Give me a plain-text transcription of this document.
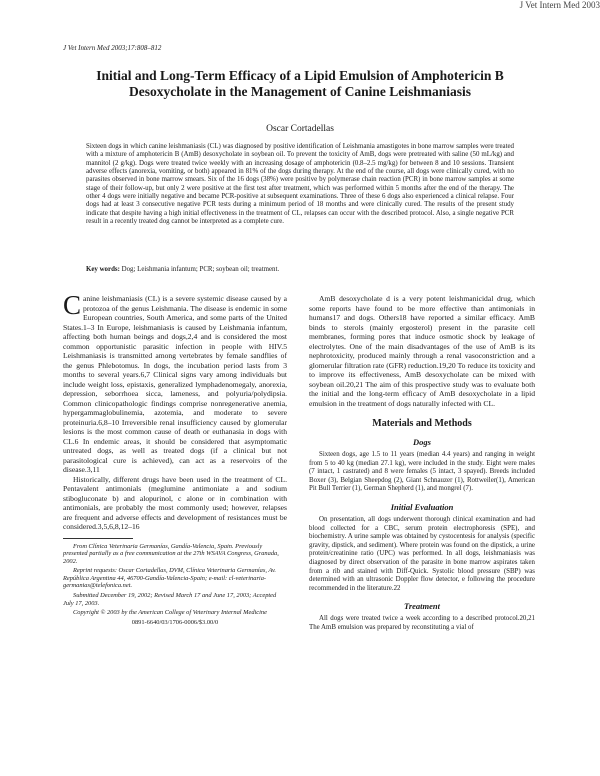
J Vet Intern Med 2003
J Vet Intern Med 2003;17:808–812
Initial and Long-Term Efficacy of a Lipid Emulsion of Amphotericin B Desoxycholate in the Management of Canine Leishmaniasis
Oscar Cortadellas

Sixteen dogs in which canine leishmaniasis (CL) was diagnosed by positive identification of Leishmania amastigotes in bone marrow samples were treated with a mixture of amphotericin B (AmB) desoxycholate in soybean oil. To prevent the toxicity of AmB, dogs were pretreated with saline (50 mL/kg) and mannitol (2 g/kg). Dogs were treated twice weekly with an increasing dosage of amphotericin (0.8–2.5 mg/kg) for between 8 and 10 sessions. Transient adverse effects (anorexia, vomiting, or both) appeared in 81% of the dogs during therapy. At the end of the course, all dogs were clinically cured, with no parasites observed in bone marrow smears. Six of the 16 dogs (38%) were positive by polymerase chain reaction (PCR) in bone marrow samples at some stage of their follow-up, but only 2 were positive at the first test after treatment, which was performed within 5 months after the end of the therapy. The other 4 dogs were initially negative and became PCR-positive at subsequent examinations. Three of these 6 dogs also experienced a clinical relapse. Four dogs had at least 3 consecutive negative PCR tests during a minimum period of 18 months and were clinically cured. The results of the present study indicate that despite having a high initial effectiveness in the treatment of CL, relapses can occur with the described protocol. Also, a single negative PCR result in a recently treated dog cannot be interpreted as a complete cure.

Key words: Dog; Leishmania infantum; PCR; soybean oil; treatment.

Canine leishmaniasis (CL) is a severe systemic disease caused by a protozoa of the genus Leishmania. The disease is endemic in some European countries, South America, and some parts of the United States.1–3 In Europe, leishmaniasis is caused by Leishmania infantum, affecting both human beings and dogs,2,4 and is considered the most common opportunistic parasitic infection in people with HIV.5 Leishmaniasis is transmitted among vertebrates by female sandflies of the genus Phlebotomus. In dogs, the incubation period lasts from 3 months to several years.6,7 Clinical signs vary among individuals but include weight loss, epistaxis, generalized lymphadenomegaly, anorexia, depression, seborrhoea sicca, lameness, and polyuria/polydipsia. Common clinicopathologic findings comprise nonregenerative anemia, hypergammaglobulinemia, azotemia, and moderate to severe proteinuria.6,8–10 Irreversible renal insufficiency caused by glomerular lesions is the most common cause of death or euthanasia in dogs with CL.6 In endemic areas, it should be considered that asymptomatic untreated dogs, as well as treated dogs (if a clinical but not parasitological cure is achieved), can act as a reservoirs of the disease.3,11

Historically, different drugs have been used in the treatment of CL. Pentavalent antimonials (meglumine antimoniate a and sodium stibogluconate b) and alopurinol, c alone or in combination with antimonials, are probably the most commonly used; however, relapses are frequent and adverse effects and development of resistances must be considered.3,5,6,8,12–16

From Clínica Veterinaria Germanías, Gandía-Valencia, Spain. Previously presented partially as a free communication at the 27th WSAVA Congress, Granada, 2002.

Reprint requests: Oscar Cortadellas, DVM, Clínica Veterinaria Germanías, Av. República Argentina 44, 46700-Gandía-Valencia-Spain; e-mail: cl-veterinaria-germanias@telefonica.net.

Submitted December 19, 2002; Revised March 17 and June 17, 2003; Accepted July 17, 2003.

Copyright © 2003 by the American College of Veterinary Internal Medicine

0891-6640/03/1706-0006/$3.00/0

AmB desoxycholate d is a very potent leishmanicidal drug, which some reports have found to be more effective than antimonials in humans17 and dogs. Others18 have reported a similar efficacy. AmB binds to sterols (mainly ergosterol) present in the parasite cell membranes, forming pores that induce osmotic shock by leakage of electrolytes. One of the main disadvantages of the use of AmB is its nephrotoxicity, produced mainly through a renal vasoconstriction and a glomerular filtration rate (GFR) reduction.19,20 To reduce its toxicity and to improve its effectiveness, AmB desoxycholate can be mixed with soybean oil.20,21 The aim of this prospective study was to evaluate both the initial and the long-term efficacy of AmB desoxycholate in a lipid emulsion in the treatment of dogs naturally infected with CL.

Materials and Methods
Dogs

Sixteen dogs, age 1.5 to 11 years (median 4.4 years) and ranging in weight from 5 to 40 kg (median 27.1 kg), were included in the study. Eight were males (7 intact, 1 castrated) and 8 were females (5 intact, 3 spayed). Breeds included Boxer (3), Belgian Sheepdog (2), Giant Schnauzer (1), Rottweiler(1), American Pit Bull Terrier (1), German Shepherd (1), and mongrel (7).

Initial Evaluation

On presentation, all dogs underwent thorough clinical examination and had blood collected for a CBC, serum protein electrophoresis (SPE), and biochemistry. A urine sample was obtained by cystocentesis for analysis (specific gravity, dipstick, and sediment). Where protein was found on the dipstick, a urine protein/creatinine ratio (UPC) was performed. In all dogs, leishmaniasis was diagnosed by direct observation of the parasite in bone marrow aspirates taken from a rib and stained with Diff-Quick. Systolic blood pressure (SBP) was determined with an ultrasonic Doppler flow detector, e following the procedure recommended in the literature.22

Treatment

All dogs were treated twice a week according to a described protocol.20,21 The AmB emulsion was prepared by reconstituting a vial of
